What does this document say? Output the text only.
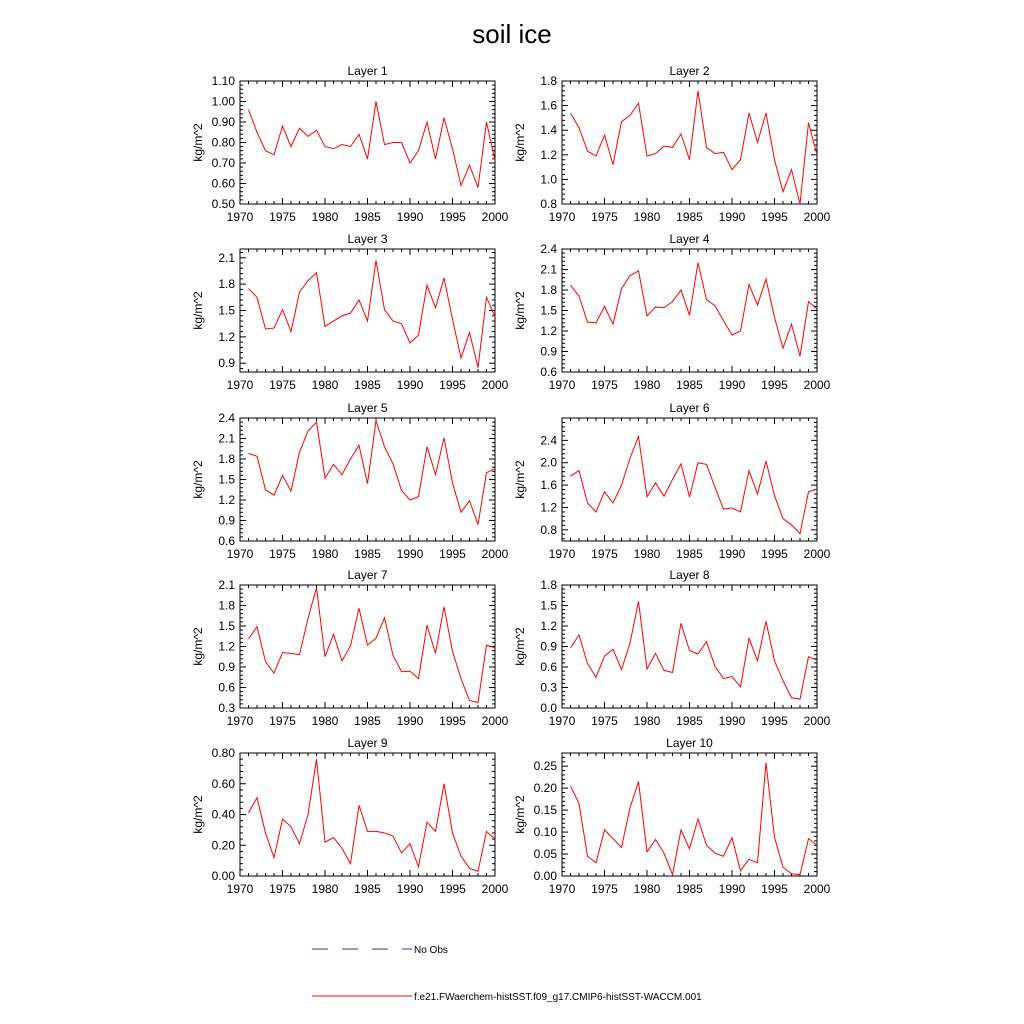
soil ice
Layer 1
1970 1975 1980 1985 1990 1995 2000
0.50
0.60
0.70
0.80
0.90
1.00
1.10
kg/m^2
Layer 2
1970 1975 1980 1985 1990 1995 2000
0.8
1.0
1.2
1.4
1.6
1.8
kg/m^2
Layer 3
1970 1975 1980 1985 1990 1995 2000
0.9
1.2
1.5
1.8
2.1
kg/m^2
Layer 4
1970 1975 1980 1985 1990 1995 2000
0.6
0.9
1.2
1.5
1.8
2.1
2.4
kg/m^2
Layer 5
1970 1975 1980 1985 1990 1995 2000
0.6
0.9
1.2
1.5
1.8
2.1
2.4
kg/m^2
Layer 6
1970 1975 1980 1985 1990 1995 2000
0.8
1.2
1.6
2.0
2.4
kg/m^2
Layer 7
1970 1975 1980 1985 1990 1995 2000
0.3
0.6
0.9
1.2
1.5
1.8
2.1
kg/m^2
Layer 8
1970 1975 1980 1985 1990 1995 2000
0.0
0.3
0.6
0.9
1.2
1.5
1.8
kg/m^2
Layer 9
1970 1975 1980 1985 1990 1995 2000
0.00
0.20
0.40
0.60
0.80
kg/m^2
Layer 10
1970 1975 1980 1985 1990 1995 2000
0.00
0.05
0.10
0.15
0.20
0.25
kg/m^2
No Obs
f.e21.FWaerchem-histSST.f09_g17.CMIP6-histSST-WACCM.001
